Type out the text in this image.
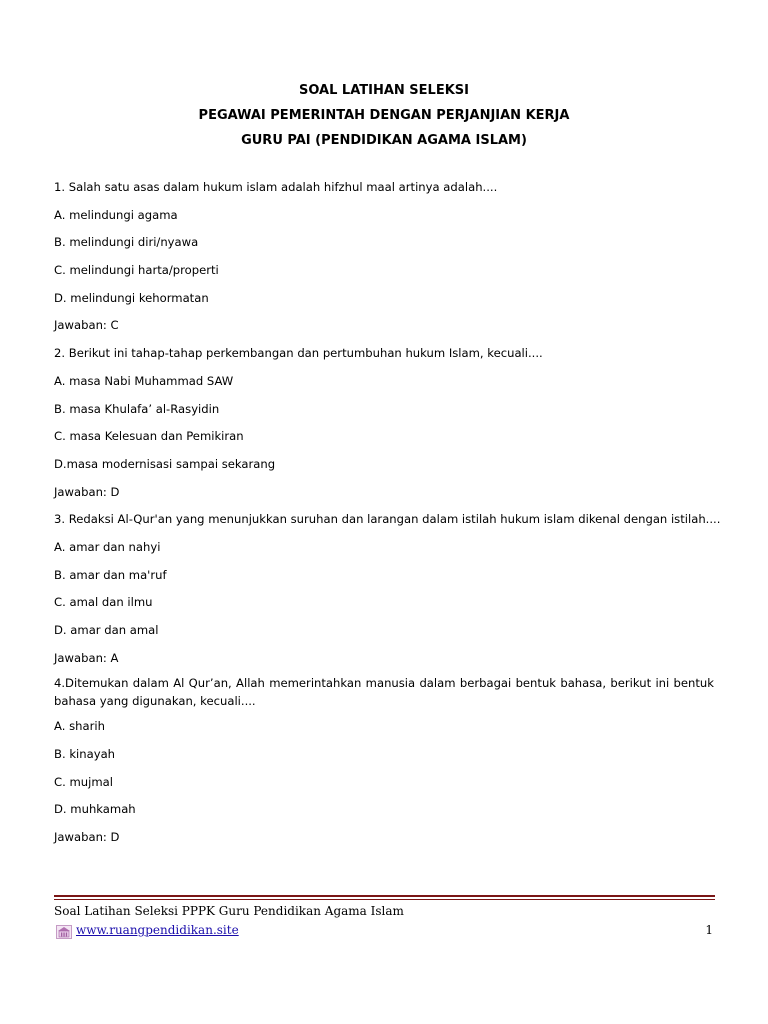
SOAL LATIHAN SELEKSI
PEGAWAI PEMERINTAH DENGAN PERJANJIAN KERJA
GURU PAI (PENDIDIKAN AGAMA ISLAM)
1. Salah satu asas dalam hukum islam adalah hifzhul maal artinya adalah....
A. melindungi agama
B. melindungi diri/nyawa
C. melindungi harta/properti
D. melindungi kehormatan
Jawaban: C
2. Berikut ini tahap-tahap perkembangan dan pertumbuhan hukum Islam, kecuali....
A. masa Nabi Muhammad SAW
B. masa Khulafa’ al-Rasyidin
C. masa Kelesuan dan Pemikiran
D.masa modernisasi sampai sekarang
Jawaban: D
3. Redaksi Al-Qur'an yang menunjukkan suruhan dan larangan dalam istilah hukum islam dikenal dengan istilah....
A. amar dan nahyi
B. amar dan ma'ruf
C. amal dan ilmu
D. amar dan amal
Jawaban: A
4.Ditemukan dalam Al Qur’an, Allah memerintahkan manusia dalam berbagai bentuk bahasa, berikut ini bentuk bahasa yang digunakan, kecuali....
A. sharih
B. kinayah
C. mujmal
D. muhkamah
Jawaban: D
Soal Latihan Seleksi PPPK Guru Pendidikan Agama Islam
www.ruangpendidikan.site	1
